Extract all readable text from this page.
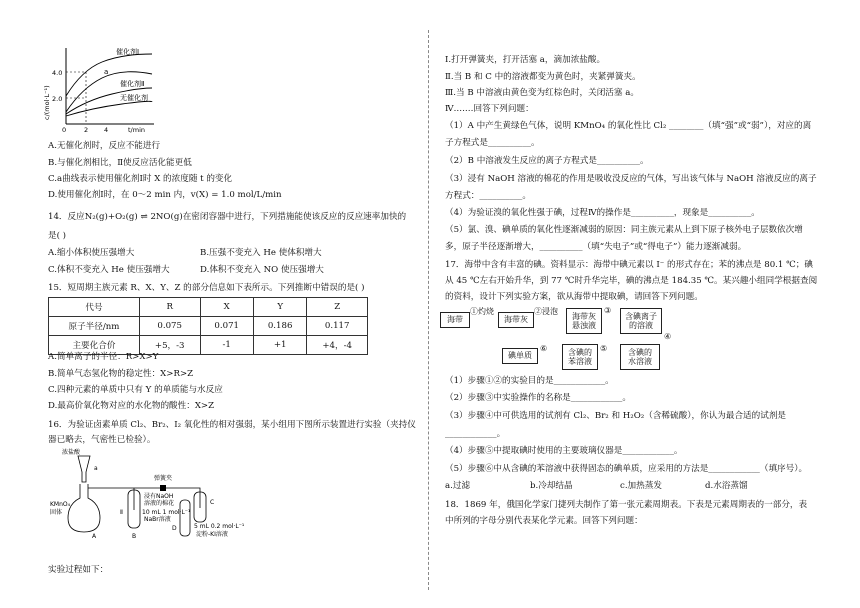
c/(mol·L⁻¹)
4.0
2.0
0	2 4	t/min
催化剂Ⅰ
a
催化剂Ⅱ
无催化剂
A.无催化剂时，反应不能进行
B.与催化剂相比，Ⅱ使反应活化能更低
C.a曲线表示使用催化剂Ⅰ时 X 的浓度随 t 的变化
D.使用催化剂Ⅰ时，在 0～2 min 内，v(X) = 1.0 mol/L/min
14．反应N₂(g)+O₂(g) ⇌ 2NO(g)在密闭容器中进行，下列措施能使该反应的反应速率加快的
是( )
A.缩小体积使压强增大	B.压强不变充入 He 使体积增大
C.体积不变充入 He 使压强增大	D.体积不变充入 NO 使压强增大
15．短周期主族元素 R、X、Y、Z 的部分信息如下表所示。下列推断中错误的是( )
代号	R	X	Y	Z
原子半径/nm	0.075	0.071	0.186	0.117
主要化合价	+5，-3	-1	+1	+4，-4
A.简单离子的半径：R>X>Y
B.简单气态氢化物的稳定性：X>R>Z
C.四种元素的单质中只有 Y 的单质能与水反应
D.最高价氧化物对应的水化物的酸性：X>Z
16．为验证卤素单质 Cl₂、Br₂、I₂ 氧化性的相对强弱，某小组用下图所示装置进行实验（夹持仪
器已略去，气密性已检验）。
浓盐酸
弹簧夹
a
KMnO₄
固体
A
浸有NaOH
溶液的棉花
Ⅱ	10 mL 1 mol·L⁻¹
NaBr溶液
B
C
D	5 mL 0.2 mol·L⁻¹
淀粉-KI溶液
实验过程如下：
Ⅰ.打开弹簧夹，打开活塞 a，滴加浓盐酸。
Ⅱ.当 B 和 C 中的溶液都变为黄色时，夹紧弹簧夹。
Ⅲ.当 B 中溶液由黄色变为红棕色时，关闭活塞 a。
Ⅳ.……回答下列问题：
（1）A 中产生黄绿色气体，说明 KMnO₄ 的氧化性比 Cl₂ ________（填“强”或“弱”），对应的离
子方程式是__________。
（2）B 中溶液发生反应的离子方程式是__________。
（3）浸有 NaOH 溶液的棉花的作用是吸收没反应的气体，写出该气体与 NaOH 溶液反应的离子
方程式：__________。
（4）为验证溴的氧化性强于碘，过程Ⅳ的操作是__________，现象是__________。
（5）氯、溴、碘单质的氧化性逐渐减弱的原因：同主族元素从上到下原子核外电子层数依次增
多，原子半径逐渐增大，__________（填“失电子”或“得电子”）能力逐渐减弱。
17．海带中含有丰富的碘。资料显示：海带中碘元素以 I⁻ 的形式存在；苯的沸点是 80.1 ℃；碘
从 45 ℃左右开始升华，到 77 ℃时升华完毕，碘的沸点是 184.35 ℃。某兴趣小组同学根据查阅
的资料，设计下列实验方案，欲从海带中提取碘，请回答下列问题。
海带
①灼烧
海带灰
②浸泡
海带灰
悬浊液
③
含碘离子
的溶液
碘单质
⑥	含碘的
苯溶液
⑤	含碘的
水溶液
④
（1）步骤①②的实验目的是____________。
（2）步骤③中实验操作的名称是____________。
（3）步骤④中可供选用的试剂有 Cl₂、Br₂ 和 H₂O₂（含稀硫酸），你认为最合适的试剂是
____________。
（4）步骤⑤中提取碘时使用的主要玻璃仪器是____________。
（5）步骤⑥中从含碘的苯溶液中获得固态的碘单质，应采用的方法是____________（填序号）。
a.过滤	b.冷却结晶	c.加热蒸发	d.水浴蒸馏
18．1869 年，俄国化学家门捷列夫制作了第一张元素周期表。下表是元素周期表的一部分，表
中所列的字母分别代表某化学元素。回答下列问题：
